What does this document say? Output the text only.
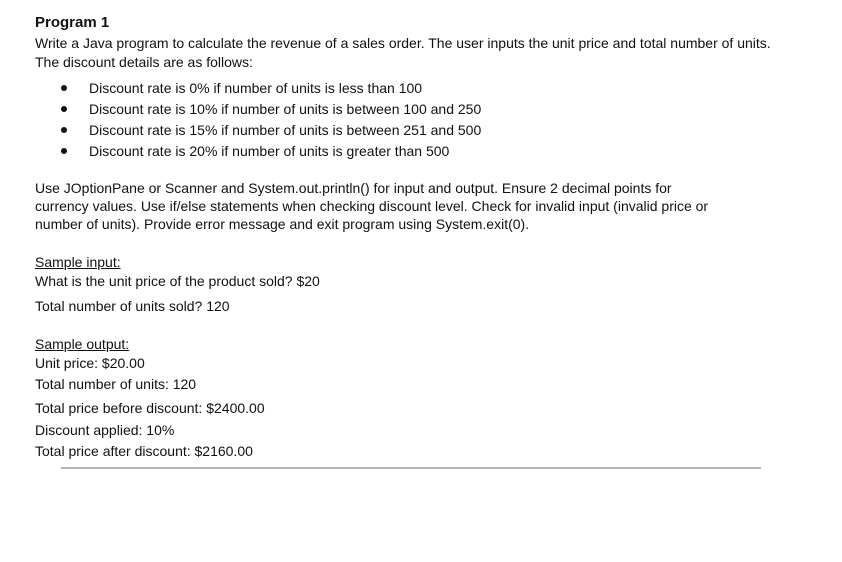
Program 1

Write a Java program to calculate the revenue of a sales order. The user inputs the unit price and total number of units. The discount details are as follows:

Discount rate is 0% if number of units is less than 100
Discount rate is 10% if number of units is between 100 and 250
Discount rate is 15% if number of units is between 251 and 500
Discount rate is 20% if number of units is greater than 500

Use JOptionPane or Scanner and System.out.println() for input and output. Ensure 2 decimal points for currency values. Use if/else statements when checking discount level. Check for invalid input (invalid price or number of units). Provide error message and exit program using System.exit(0).

Sample input:

What is the unit price of the product sold? $20

Total number of units sold? 120

Sample output:

Unit price: $20.00

Total number of units: 120

Total price before discount: $2400.00

Discount applied: 10%

Total price after discount: $2160.00
